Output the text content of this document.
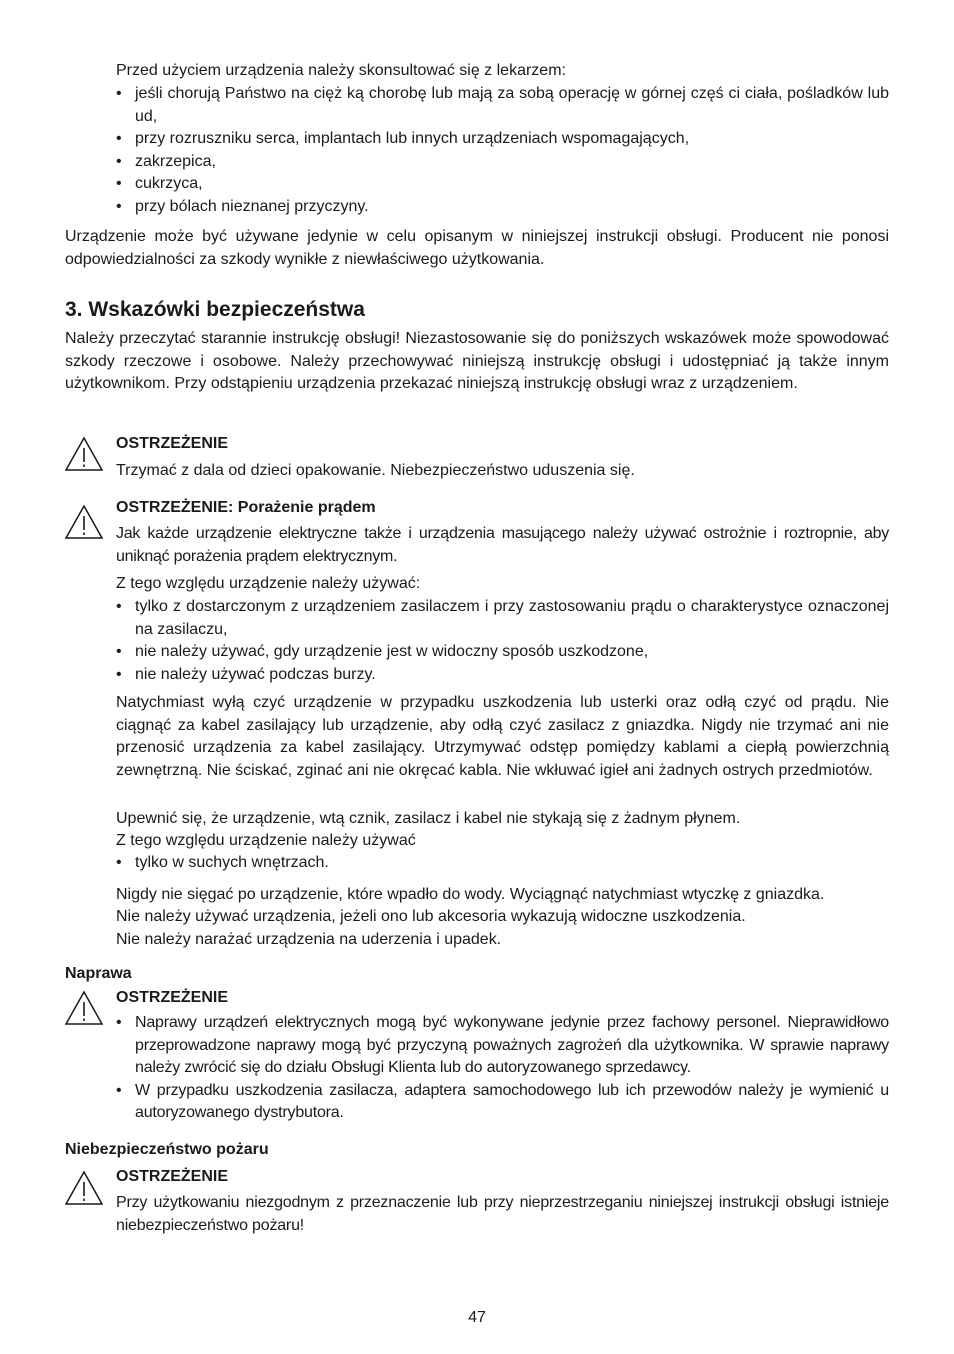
Przed użyciem urządzenia należy skonsultować się z lekarzem:

• jeśli chorują Państwo na cięż ką chorobę lub mają za sobą operację w górnej częś ci ciała, pośladków lub ud,
• przy rozruszniku serca, implantach lub innych urządzeniach wspomagających,
• zakrzepica,
• cukrzyca,
• przy bólach nieznanej przyczyny.

Urządzenie może być używane jedynie w celu opisanym w niniejszej instrukcji obsługi. Producent nie ponosi odpowiedzialności za szkody wynikłe z niewłaściwego użytkowania.

3. Wskazówki bezpieczeństwa

Należy przeczytać starannie instrukcję obsługi! Niezastosowanie się do poniższych wskazówek może spowodować szkody rzeczowe i osobowe. Należy przechowywać niniejszą instrukcję obsługi i udostępniać ją także innym użytkownikom. Przy odstąpieniu urządzenia przekazać niniejszą instrukcję obsługi wraz z urządzeniem.

OSTRZEŻENIE

Trzymać z dala od dzieci opakowanie. Niebezpieczeństwo uduszenia się.

OSTRZEŻENIE: Porażenie prądem

Jak każde urządzenie elektryczne także i urządzenia masującego należy używać ostrożnie i roztropnie, aby uniknąć porażenia prądem elektrycznym.

Z tego względu urządzenie należy używać:

• tylko z dostarczonym z urządzeniem zasilaczem i przy zastosowaniu prądu o charakterystyce oznaczonej na zasilaczu,
• nie należy używać, gdy urządzenie jest w widoczny sposób uszkodzone,
• nie należy używać podczas burzy.

Natychmiast wyłą czyć urządzenie w przypadku uszkodzenia lub usterki oraz odłą czyć od prądu. Nie ciągnąć za kabel zasilający lub urządzenie, aby odłą czyć zasilacz z gniazdka. Nigdy nie trzymać ani nie przenosić urządzenia za kabel zasilający. Utrzymywać odstęp pomiędzy kablami a ciepłą powierzchnią zewnętrzną. Nie ściskać, zginać ani nie okręcać kabla. Nie wkłuwać igieł ani żadnych ostrych przedmiotów.

Upewnić się, że urządzenie, wtą cznik, zasilacz i kabel nie stykają się z żadnym płynem.

Z tego względu urządzenie należy używać

• tylko w suchych wnętrzach.

Nigdy nie sięgać po urządzenie, które wpadło do wody. Wyciągnąć natychmiast wtyczkę z gniazdka.

Nie należy używać urządzenia, jeżeli ono lub akcesoria wykazują widoczne uszkodzenia.

Nie należy narażać urządzenia na uderzenia i upadek.

Naprawa
OSTRZEŻENIE
• Naprawy urządzeń elektrycznych mogą być wykonywane jedynie przez fachowy personel. Nieprawidłowo przeprowadzone naprawy mogą być przyczyną poważnych zagrożeń dla użytkownika. W sprawie naprawy należy zwrócić się do działu Obsługi Klienta lub do autoryzowanego sprzedawcy.
• W przypadku uszkodzenia zasilacza, adaptera samochodowego lub ich przewodów należy je wymienić u autoryzowanego dystrybutora.
Niebezpieczeństwo pożaru
OSTRZEŻENIE

Przy użytkowaniu niezgodnym z przeznaczenie lub przy nieprzestrzeganiu niniejszej instrukcji obsługi istnieje niebezpieczeństwo pożaru!

47
